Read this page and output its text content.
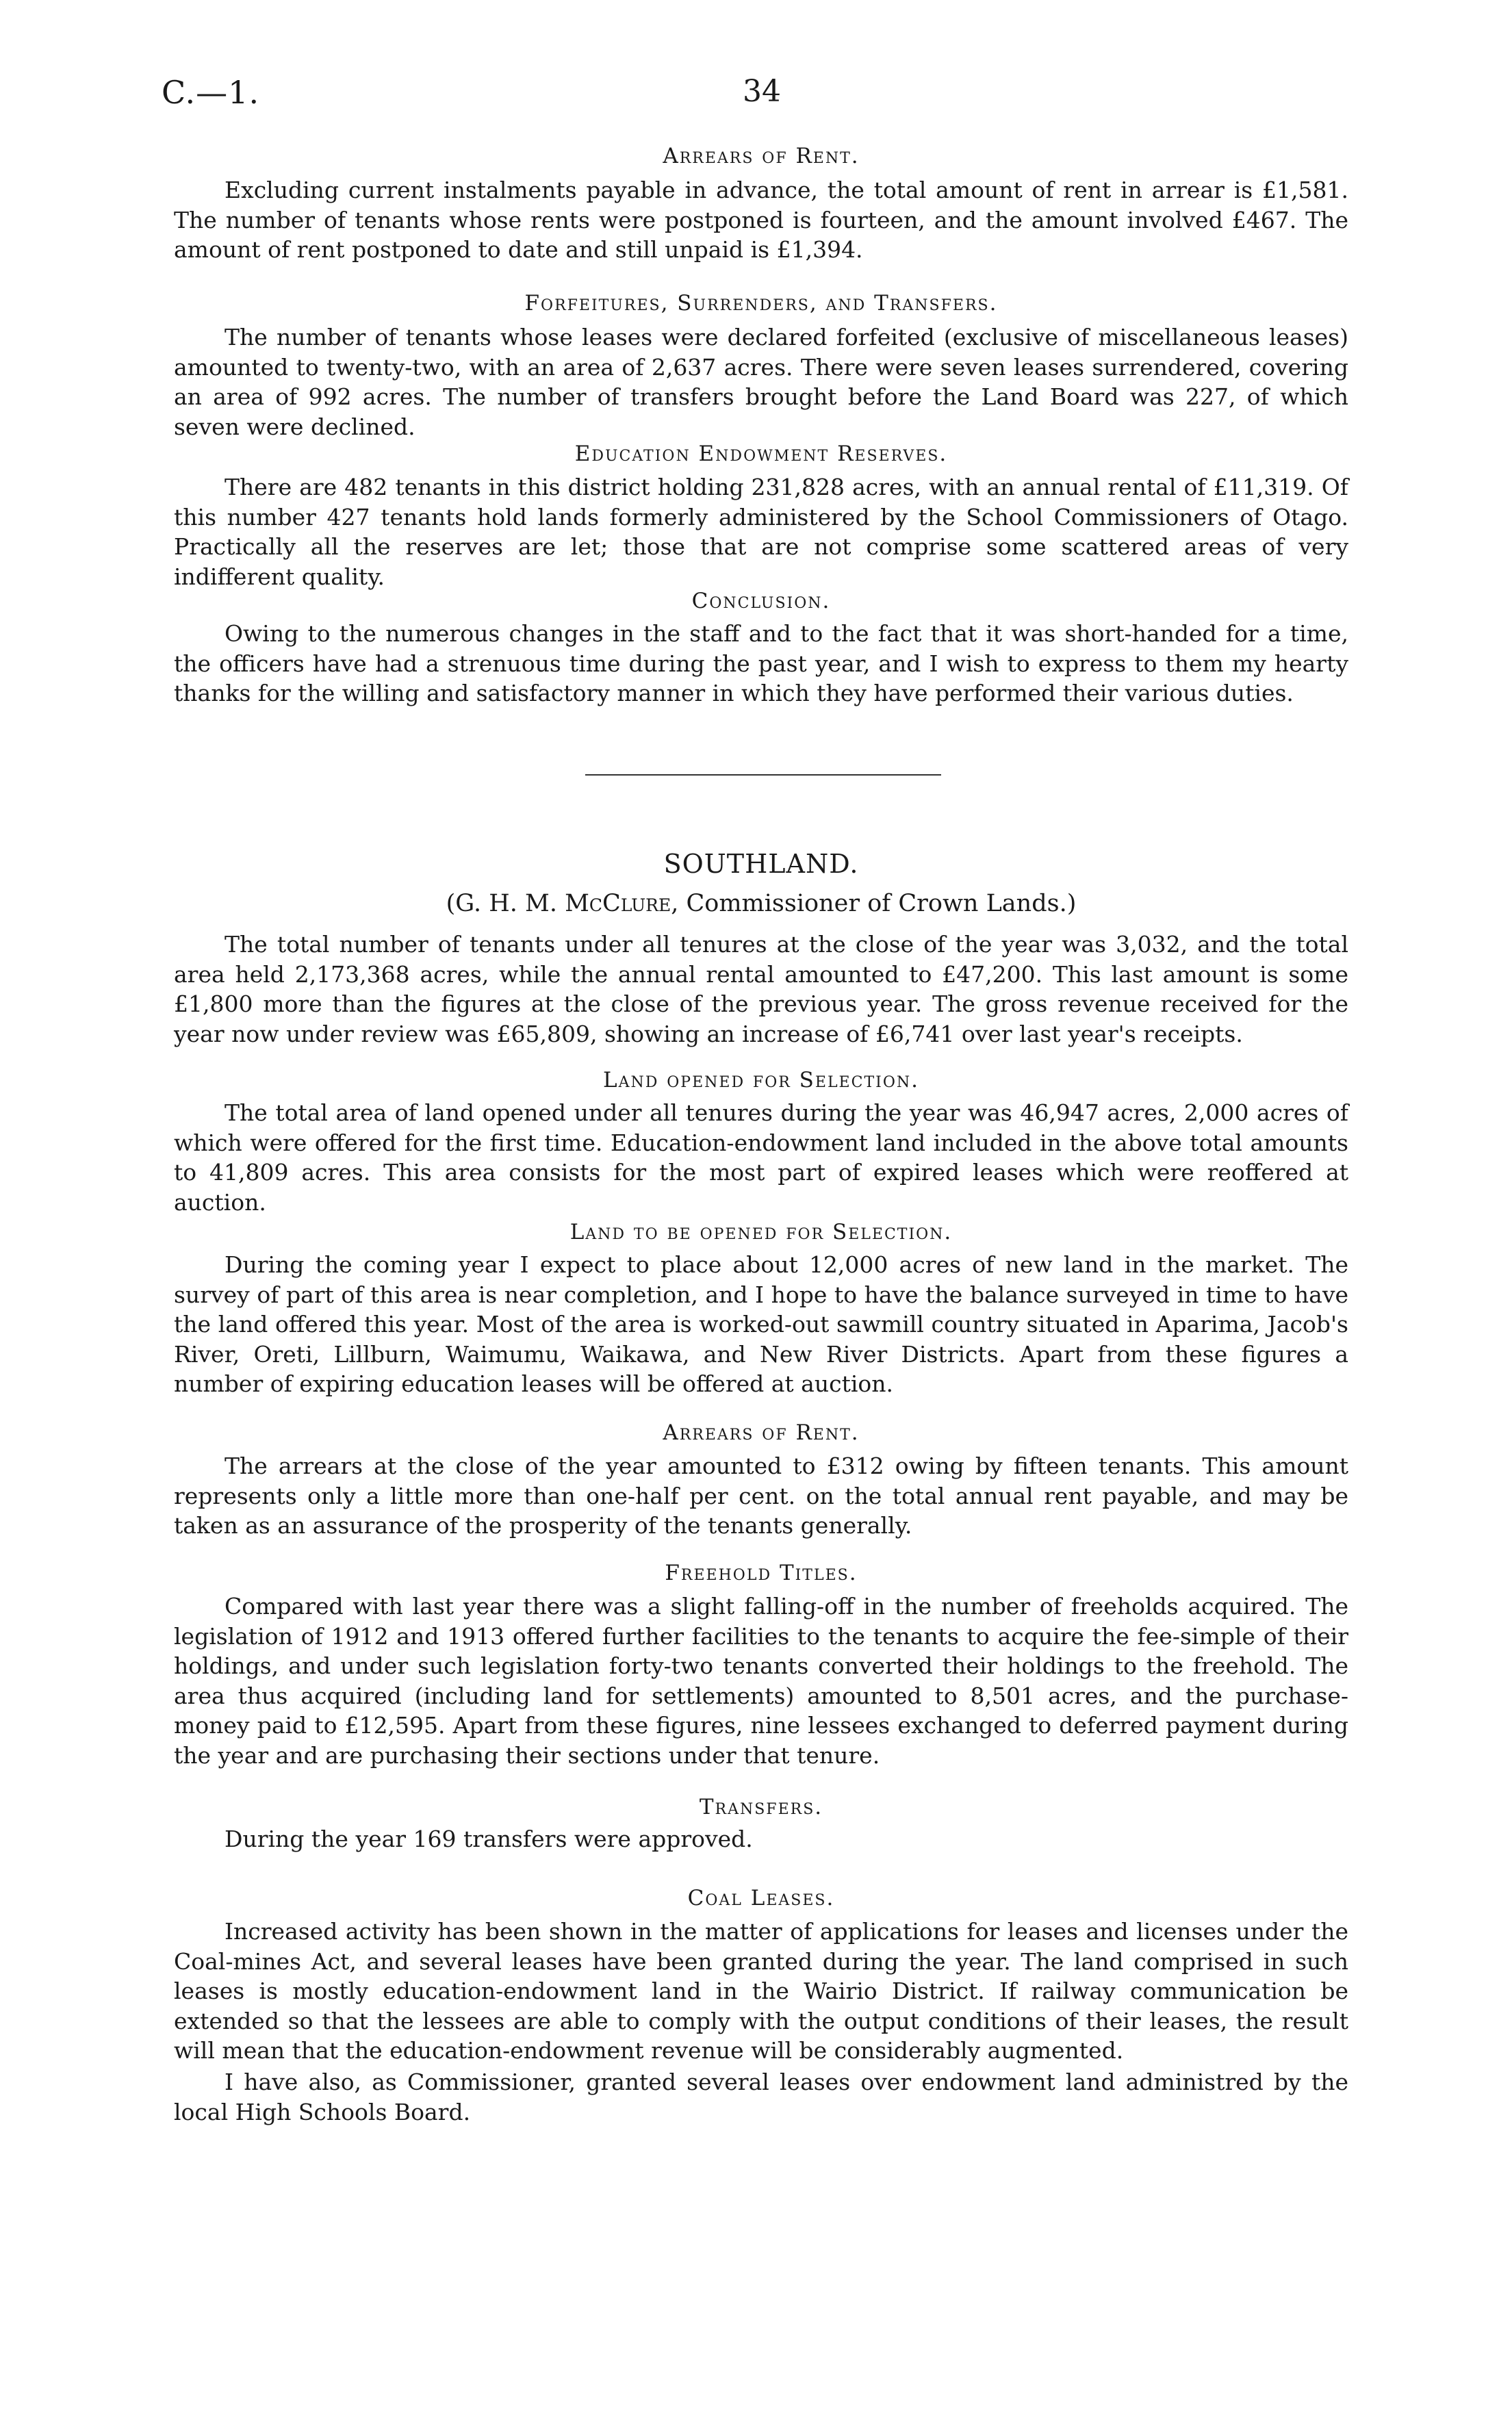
C.—1.	34
Arrears of Rent.
Excluding current instalments payable in advance, the total amount of rent in arrear is £1,581. The number of tenants whose rents were postponed is fourteen, and the amount involved £467. The amount of rent postponed to date and still unpaid is £1,394.
Forfeitures, Surrenders, and Transfers.
The number of tenants whose leases were declared forfeited (exclusive of miscellaneous leases) amounted to twenty-two, with an area of 2,637 acres. There were seven leases surrendered, covering an area of 992 acres. The number of transfers brought before the Land Board was 227, of which seven were declined.
Education Endowment Reserves.
There are 482 tenants in this district holding 231,828 acres, with an annual rental of £11,319. Of this number 427 tenants hold lands formerly administered by the School Commissioners of Otago. Practically all the reserves are let; those that are not comprise some scattered areas of very indifferent quality.
Conclusion.
Owing to the numerous changes in the staff and to the fact that it was short-handed for a time, the officers have had a strenuous time during the past year, and I wish to express to them my hearty thanks for the willing and satisfactory manner in which they have performed their various duties.
SOUTHLAND.
(G. H. M. McClure, Commissioner of Crown Lands.)
The total number of tenants under all tenures at the close of the year was 3,032, and the total area held 2,173,368 acres, while the annual rental amounted to £47,200. This last amount is some £1,800 more than the figures at the close of the previous year. The gross revenue received for the year now under review was £65,809, showing an increase of £6,741 over last year's receipts.
Land opened for Selection.
The total area of land opened under all tenures during the year was 46,947 acres, 2,000 acres of which were offered for the first time. Education-endowment land included in the above total amounts to 41,809 acres. This area consists for the most part of expired leases which were reoffered at auction.
Land to be opened for Selection.
During the coming year I expect to place about 12,000 acres of new land in the market. The survey of part of this area is near completion, and I hope to have the balance surveyed in time to have the land offered this year. Most of the area is worked-out sawmill country situated in Aparima, Jacob's River, Oreti, Lillburn, Waimumu, Waikawa, and New River Districts. Apart from these figures a number of expiring education leases will be offered at auction.
Arrears of Rent.
The arrears at the close of the year amounted to £312 owing by fifteen tenants. This amount represents only a little more than one-half per cent. on the total annual rent payable, and may be taken as an assurance of the prosperity of the tenants generally.
Freehold Titles.
Compared with last year there was a slight falling-off in the number of freeholds acquired. The legislation of 1912 and 1913 offered further facilities to the tenants to acquire the fee-simple of their holdings, and under such legislation forty-two tenants converted their holdings to the freehold. The area thus acquired (including land for settlements) amounted to 8,501 acres, and the purchase-money paid to £12,595. Apart from these figures, nine lessees exchanged to deferred payment during the year and are purchasing their sections under that tenure.
Transfers.
During the year 169 transfers were approved.
Coal Leases.
Increased activity has been shown in the matter of applications for leases and licenses under the Coal-mines Act, and several leases have been granted during the year. The land comprised in such leases is mostly education-endowment land in the Wairio District. If railway communication be extended so that the lessees are able to comply with the output conditions of their leases, the result will mean that the education-endowment revenue will be considerably augmented.
I have also, as Commissioner, granted several leases over endowment land administred by the local High Schools Board.
